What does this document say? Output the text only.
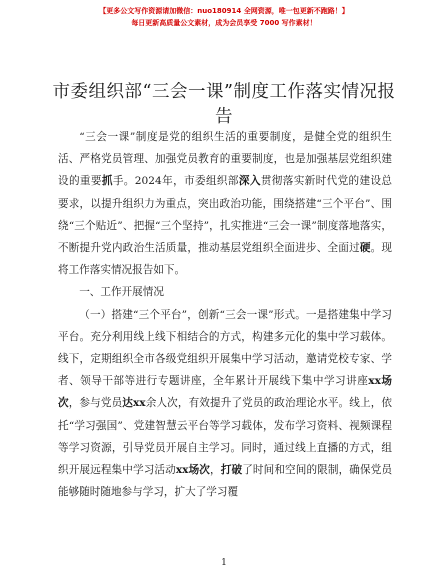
【更多公文写作资源请加微信：nuo180914 全网资源，唯一包更新不跑路！】
每日更新高质量公文素材，成为会员享受 7000 写作素材！
市委组织部“三会一课”制度工作落实情况报告

“三会一课”制度是党的组织生活的重要制度，是健全党的组织生活、严格党员管理、加强党员教育的重要制度，也是加强基层党组织建设的重要抓手。2024年，市委组织部深入贯彻落实新时代党的建设总要求，以提升组织力为重点，突出政治功能，围绕搭建“三个平台”、围绕“三个贴近”、把握“三个坚持”，扎实推进“三会一课”制度落地落实，不断提升党内政治生活质量，推动基层党组织全面进步、全面过硬。现将工作落实情况报告如下。

一、工作开展情况

（一）搭建“三个平台”，创新“三会一课”形式。一是搭建集中学习平台。充分利用线上线下相结合的方式，构建多元化的集中学习载体。线下，定期组织全市各级党组织开展集中学习活动，邀请党校专家、学者、领导干部等进行专题讲座，全年累计开展线下集中学习讲座xx场次，参与党员达xx余人次，有效提升了党员的政治理论水平。线上，依托“学习强国”、党建智慧云平台等学习载体，发布学习资料、视频课程等学习资源，引导党员开展自主学习。同时，通过线上直播的方式，组织开展远程集中学习活动xx场次，打破了时间和空间的限制，确保党员能够随时随地参与学习，扩大了学习覆

1
